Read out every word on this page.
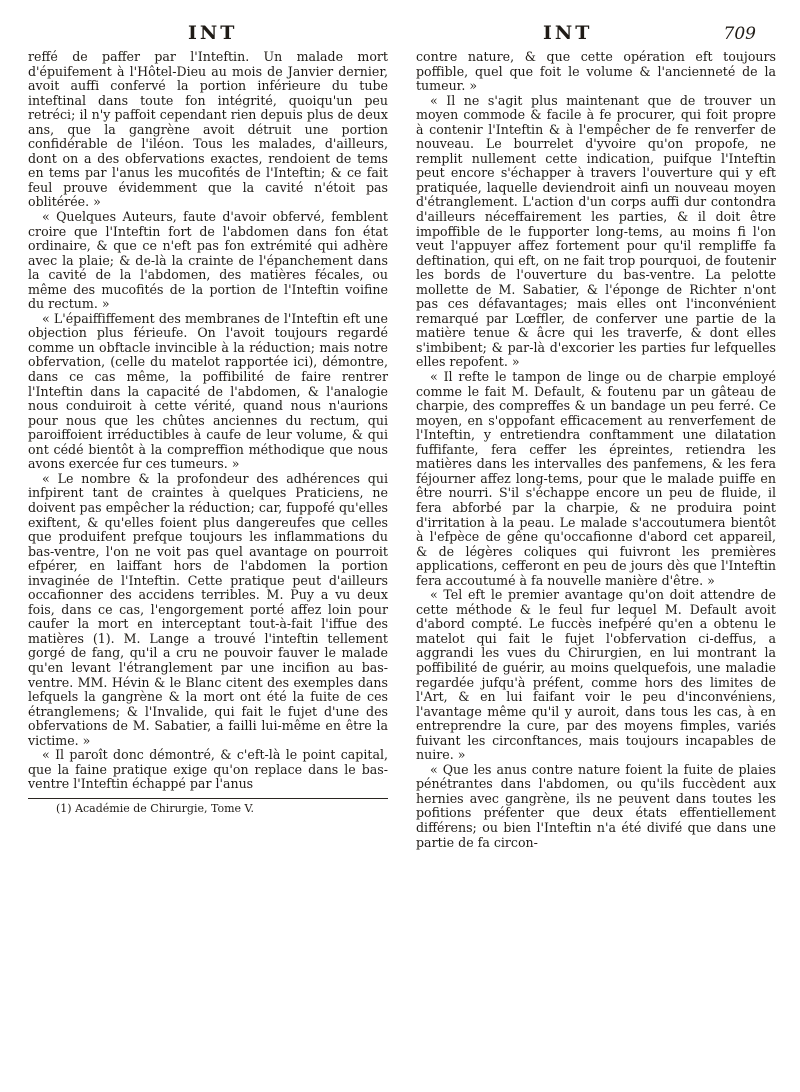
INT	INT	709

reffé de paffer par l'Inteftin. Un malade mort d'épuifement à l'Hôtel-Dieu au mois de Janvier dernier, avoit auffi confervé la portion inférieure du tube inteftinal dans toute fon intégrité, quoiqu'un peu retréci; il n'y paffoit cependant rien depuis plus de deux ans, que la gangrène avoit détruit une portion confidérable de l'iléon. Tous les malades, d'ailleurs, dont on a des obfervations exactes, rendoient de tems en tems par l'anus les mucofités de l'Inteftin; & ce fait feul prouve évidemment que la cavité n'étoit pas oblitérée. »

« Quelques Auteurs, faute d'avoir obfervé, femblent croire que l'Inteftin fort de l'abdomen dans fon état ordinaire, & que ce n'eft pas fon extrémité qui adhère avec la plaie; & de-là la crainte de l'épanchement dans la cavité de la l'abdomen, des matières fécales, ou même des mucofités de la portion de l'Inteftin voifine du rectum. »

« L'épaiffiffement des membranes de l'Inteftin eft une objection plus férieufe. On l'avoit toujours regardé comme un obftacle invincible à la réduction; mais notre obfervation, (celle du matelot rapportée ici), démontre, dans ce cas même, la poffibilité de faire rentrer l'Inteftin dans la capacité de l'abdomen, & l'analogie nous conduiroit à cette vérité, quand nous n'aurions pour nous que les chûtes anciennes du rectum, qui paroiffoient irréductibles à caufe de leur volume, & qui ont cédé bientôt à la compreffion méthodique que nous avons exercée fur ces tumeurs. »

« Le nombre & la profondeur des adhérences qui infpirent tant de craintes à quelques Praticiens, ne doivent pas empêcher la réduction; car, fuppofé qu'elles exiftent, & qu'elles foient plus dangereufes que celles que produifent prefque toujours les inflammations du bas-ventre, l'on ne voit pas quel avantage on pourroit efpérer, en laiffant hors de l'abdomen la portion invaginée de l'Inteftin. Cette pratique peut d'ailleurs occafionner des accidens terribles. M. Puy a vu deux fois, dans ce cas, l'engorgement porté affez loin pour caufer la mort en interceptant tout-à-fait l'iffue des matières (1). M. Lange a trouvé l'inteftin tellement gorgé de fang, qu'il a cru ne pouvoir fauver le malade qu'en levant l'étranglement par une incifion au bas-ventre. MM. Hévin & le Blanc citent des exemples dans lefquels la gangrène & la mort ont été la fuite de ces étranglemens; & l'Invalide, qui fait le fujet d'une des obfervations de M. Sabatier, a failli lui-même en être la victime. »

« Il paroît donc démontré, & c'eft-là le point capital, que la faine pratique exige qu'on replace dans le bas-ventre l'Inteftin échappé par l'anus

(1) Académie de Chirurgie, Tome V.

contre nature, & que cette opération eft toujours poffible, quel que foit le volume & l'ancienneté de la tumeur. »

« Il ne s'agit plus maintenant que de trouver un moyen commode & facile à fe procurer, qui foit propre à contenir l'Inteftin & à l'empêcher de fe renverfer de nouveau. Le bourrelet d'yvoire qu'on propofe, ne remplit nullement cette indication, puifque l'Inteftin peut encore s'échapper à travers l'ouverture qui y eft pratiquée, laquelle deviendroit ainfi un nouveau moyen d'étranglement. L'action d'un corps auffi dur contondra d'ailleurs néceffairement les parties, & il doit être impoffible de le fupporter long-tems, au moins fi l'on veut l'appuyer affez fortement pour qu'il rempliffe fa deftination, qui eft, on ne fait trop pourquoi, de foutenir les bords de l'ouverture du bas-ventre. La pelotte mollette de M. Sabatier, & l'éponge de Richter n'ont pas ces défavantages; mais elles ont l'inconvénient remarqué par Lœffler, de conferver une partie de la matière tenue & âcre qui les traverfe, & dont elles s'imbibent; & par-là d'excorier les parties fur lefquelles elles repofent. »

« Il refte le tampon de linge ou de charpie employé comme le fait M. Default, & foutenu par un gâteau de charpie, des compreffes & un bandage un peu ferré. Ce moyen, en s'oppofant efficacement au renverfement de l'Inteftin, y entretiendra conftamment une dilatation fuffifante, fera ceffer les épreintes, retiendra les matières dans les intervalles des panfemens, & les fera féjourner affez long-tems, pour que le malade puiffe en être nourri. S'il s'échappe encore un peu de fluide, il fera abforbé par la charpie, & ne produira point d'irritation à la peau. Le malade s'accoutumera bientôt à l'efpèce de gêne qu'occafionne d'abord cet appareil, & de légères coliques qui fuivront les premières applications, cefferont en peu de jours dès que l'Inteftin fera accoutumé à fa nouvelle manière d'être. »

« Tel eft le premier avantage qu'on doit attendre de cette méthode & le feul fur lequel M. Default avoit d'abord compté. Le fuccès inefpéré qu'en a obtenu le matelot qui fait le fujet l'obfervation ci-deffus, a aggrandi les vues du Chirurgien, en lui montrant la poffibilité de guérir, au moins quelquefois, une maladie regardée jufqu'à préfent, comme hors des limites de l'Art, & en lui faifant voir le peu d'inconvéniens, l'avantage même qu'il y auroit, dans tous les cas, à en entreprendre la cure, par des moyens fimples, variés fuivant les circonftances, mais toujours incapables de nuire. »

« Que les anus contre nature foient la fuite de plaies pénétrantes dans l'abdomen, ou qu'ils fuccèdent aux hernies avec gangrène, ils ne peuvent dans toutes les pofitions préfenter que deux états effentiellement différens; ou bien l'Inteftin n'a été divifé que dans une partie de fa circon-
